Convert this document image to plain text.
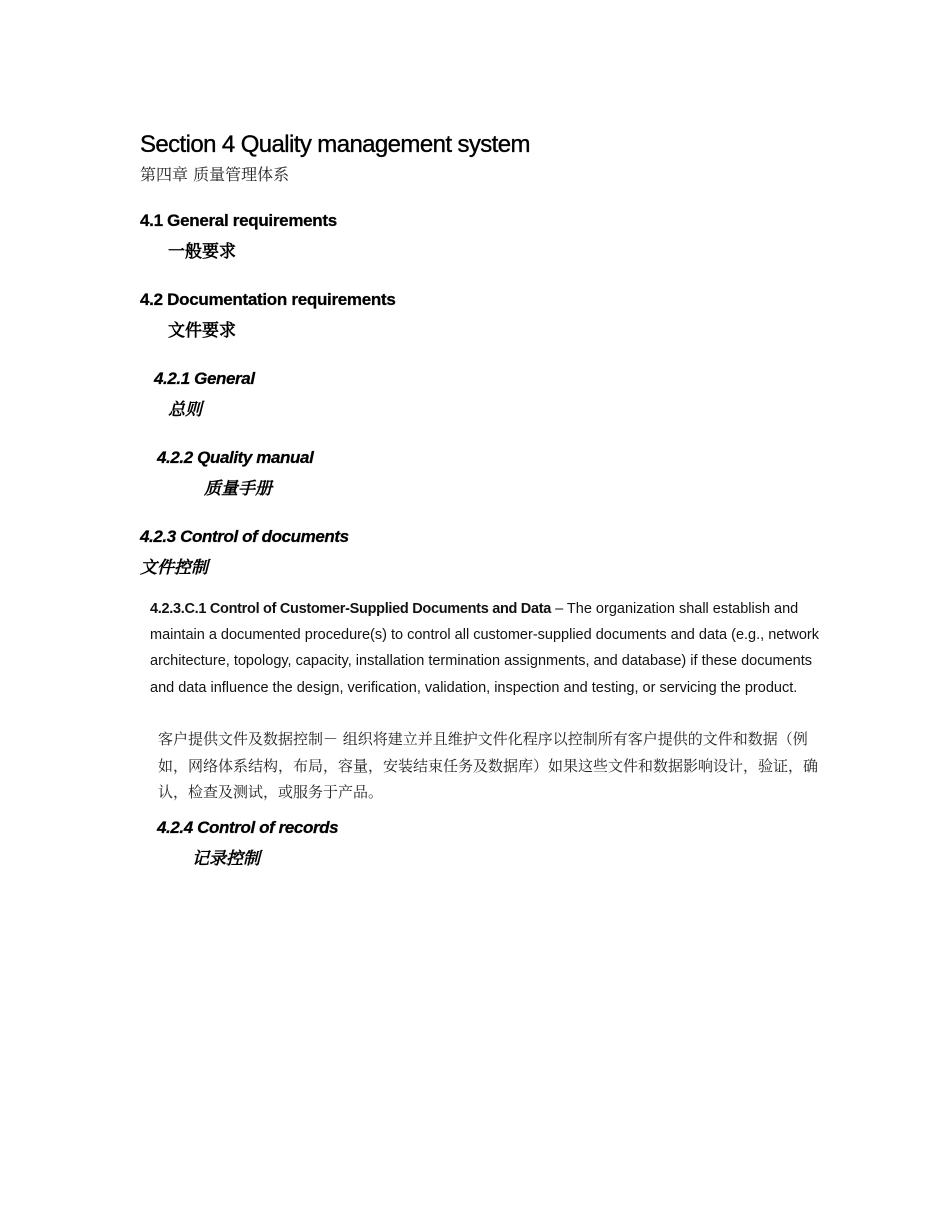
Section 4 Quality management system
第四章 质量管理体系
4.1 General requirements
一般要求
4.2 Documentation requirements
文件要求
4.2.1 General
总则
4.2.2 Quality manual
质量手册
4.2.3 Control of documents
文件控制

4.2.3.C.1 Control of Customer-Supplied Documents and Data – The organization shall establish and maintain a documented procedure(s) to control all customer-supplied documents and data (e.g., network architecture, topology, capacity, installation termination assignments, and database) if these documents and data influence the design, verification, validation, inspection and testing, or servicing the product.

客户提供文件及数据控制－ 组织将建立并且维护文件化程序以控制所有客户提供的文件和数据（例如，网络体系结构，布局，容量，安装结束任务及数据库）如果这些文件和数据影响设计，验证，确认，检查及测试，或服务于产品。

4.2.4 Control of records
记录控制
